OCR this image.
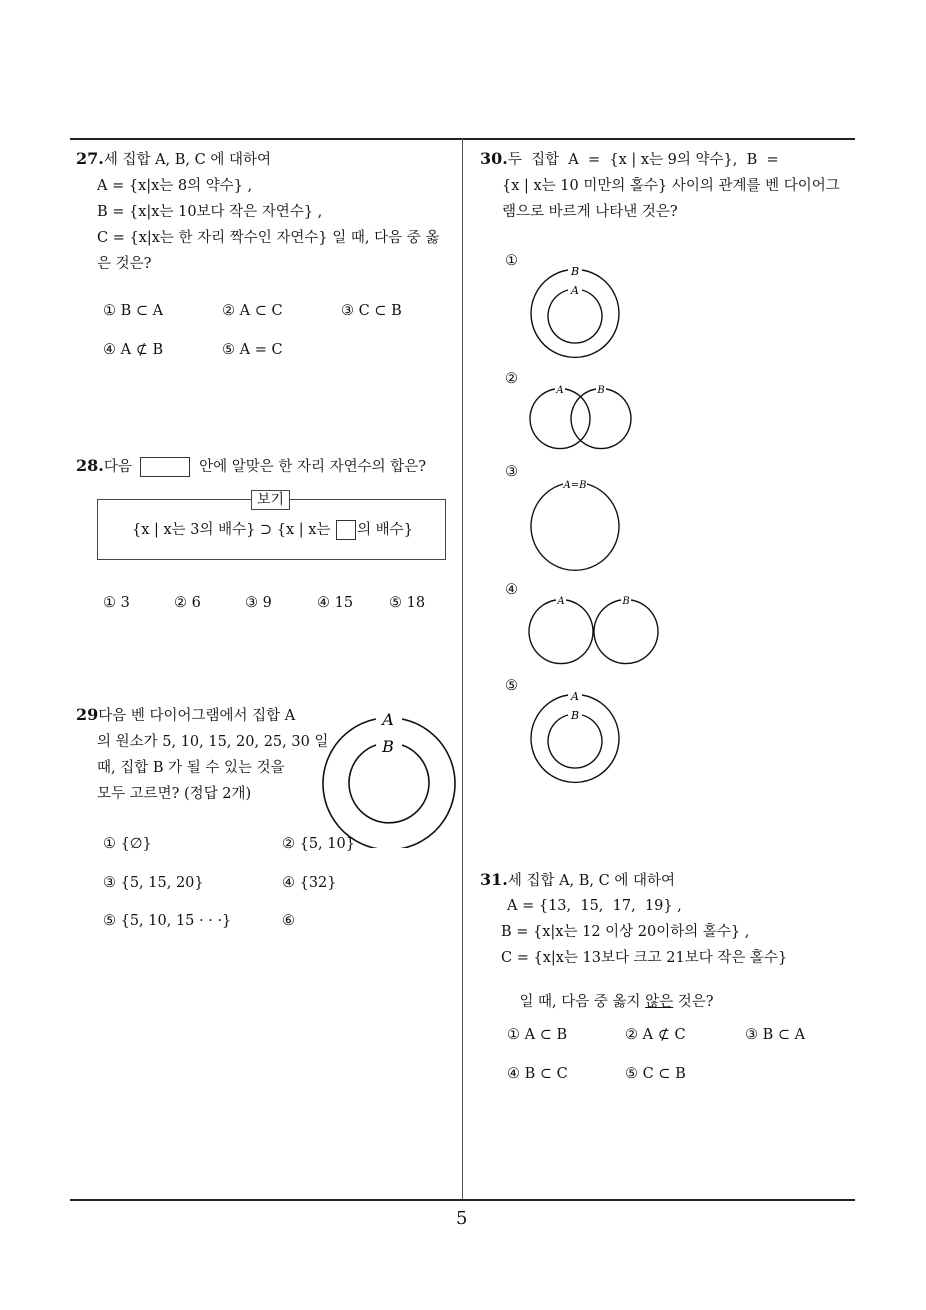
5
27.세 집합 A, B, C 에 대하여
A = {x|x는 8의 약수} ,
B = {x|x는 10보다 작은 자연수} ,
C = {x|x는 한 자리 짝수인 자연수} 일 때, 다음 중 옳
은 것은?
① B ⊂ A	② A ⊂ C	③ C ⊂ B
④ A ⊄ B	⑤ A = C
28.다음	안에 알맞은 한 자리 자연수의 합은?
보기
{x | x는 3의 배수} ⊃ {x | x는 의 배수}
① 3	② 6	③ 9	④ 15 ⑤ 18
29다음 벤 다이어그램에서 집합 A
의 원소가 5, 10, 15, 20, 25, 30 일
때, 집합 B 가 될 수 있는 것을
모두 고르면? (정답 2개)
A
B
① {∅}	② {5, 10}
③ {5, 15, 20}	④ {32}
⑤ {5, 10, 15 · · ·}	⑥
30.두  집합  A  =  {x | x는 9의 약수},  B  =
{x | x는 10 미만의 홀수} 사이의 관계를 벤 다이어그
램으로 바르게 나타낸 것은?
①
B
A
②
A	B
③
A=B
④
A	B
⑤
A
B
31.세 집합 A, B, C 에 대하여
A = {13,  15,  17,  19} ,
B = {x|x는 12 이상 20이하의 홀수} ,
C = {x|x는 13보다 크고 21보다 작은 홀수}

일 때, 다음 중 옳지 않은 것은?

① A ⊂ B	② A ⊄ C	③ B ⊂ A
④ B ⊂ C	⑤ C ⊂ B
